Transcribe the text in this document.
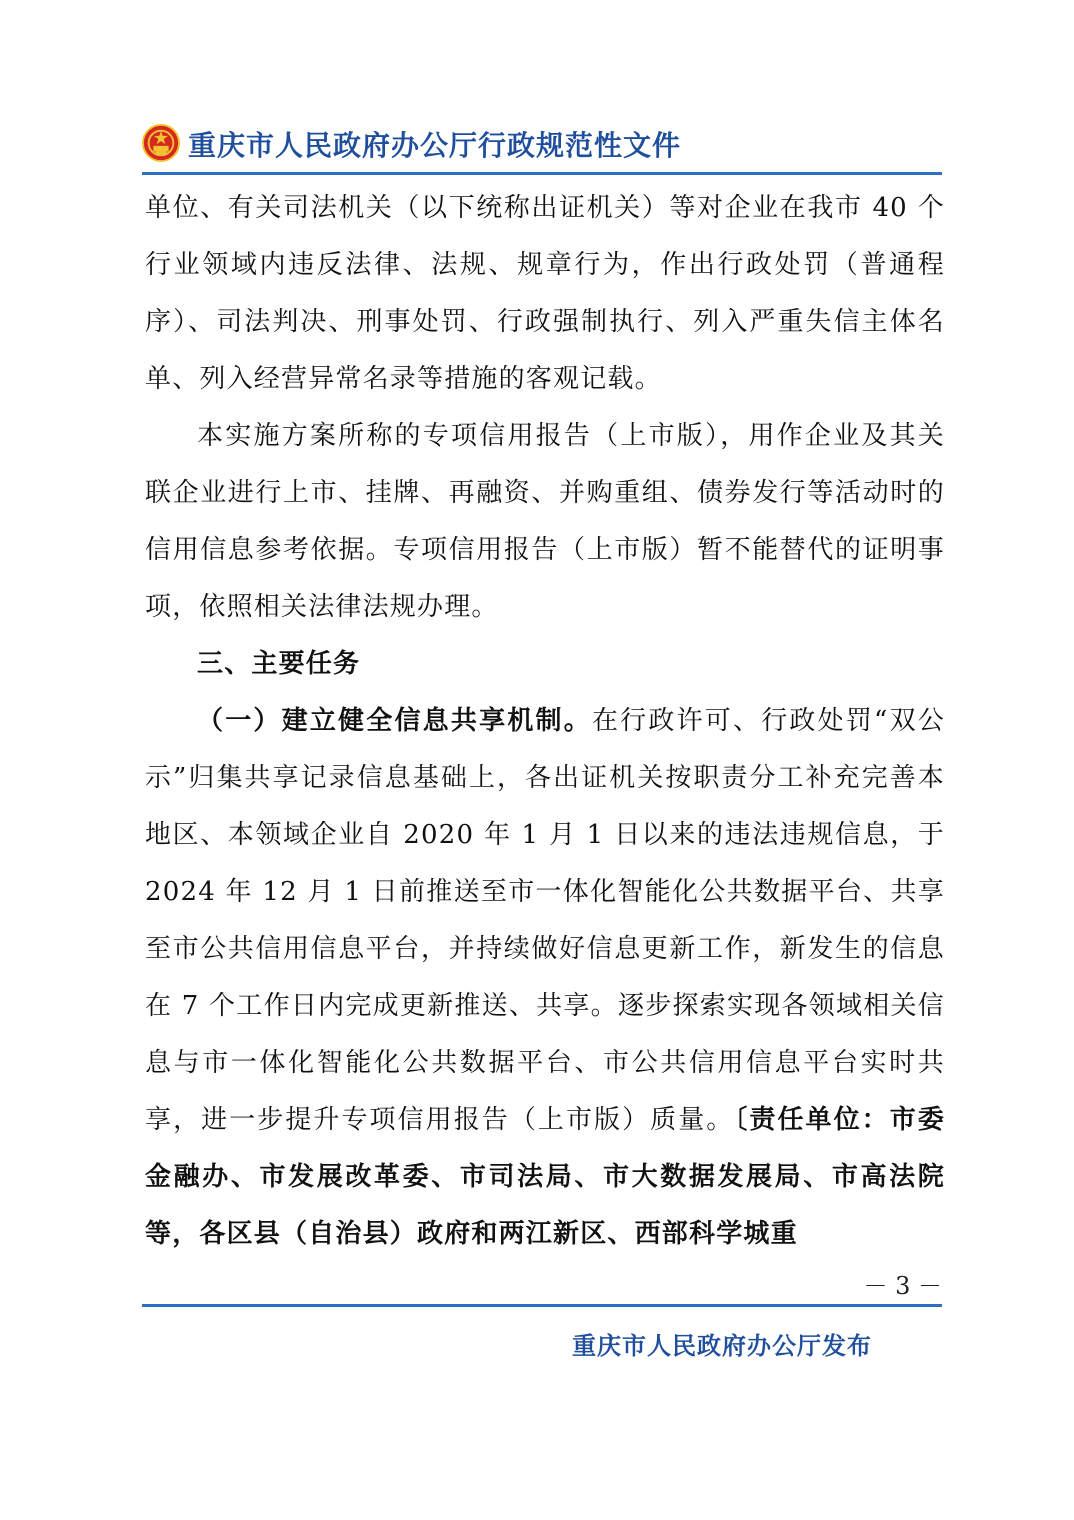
重庆市人民政府办公厅行政规范性文件

单位、有关司法机关（以下统称出证机关）等对企业在我市 40 个行业领域内违反法律、法规、规章行为，作出行政处罚（普通程序）、司法判决、刑事处罚、行政强制执行、列入严重失信主体名单、列入经营异常名录等措施的客观记载。

本实施方案所称的专项信用报告（上市版），用作企业及其关联企业进行上市、挂牌、再融资、并购重组、债券发行等活动时的信用信息参考依据。专项信用报告（上市版）暂不能替代的证明事项，依照相关法律法规办理。

三、主要任务

（一）建立健全信息共享机制。在行政许可、行政处罚“双公示”归集共享记录信息基础上，各出证机关按职责分工补充完善本地区、本领域企业自 2020 年 1 月 1 日以来的违法违规信息，于 2024 年 12 月 1 日前推送至市一体化智能化公共数据平台、共享至市公共信用信息平台，并持续做好信息更新工作，新发生的信息在 7 个工作日内完成更新推送、共享。逐步探索实现各领域相关信息与市一体化智能化公共数据平台、市公共信用信息平台实时共享，进一步提升专项信用报告（上市版）质量。〔责任单位：市委金融办、市发展改革委、市司法局、市大数据发展局、市高法院等，各区县（自治县）政府和两江新区、西部科学城重

－ 3 －
重庆市人民政府办公厅发布
